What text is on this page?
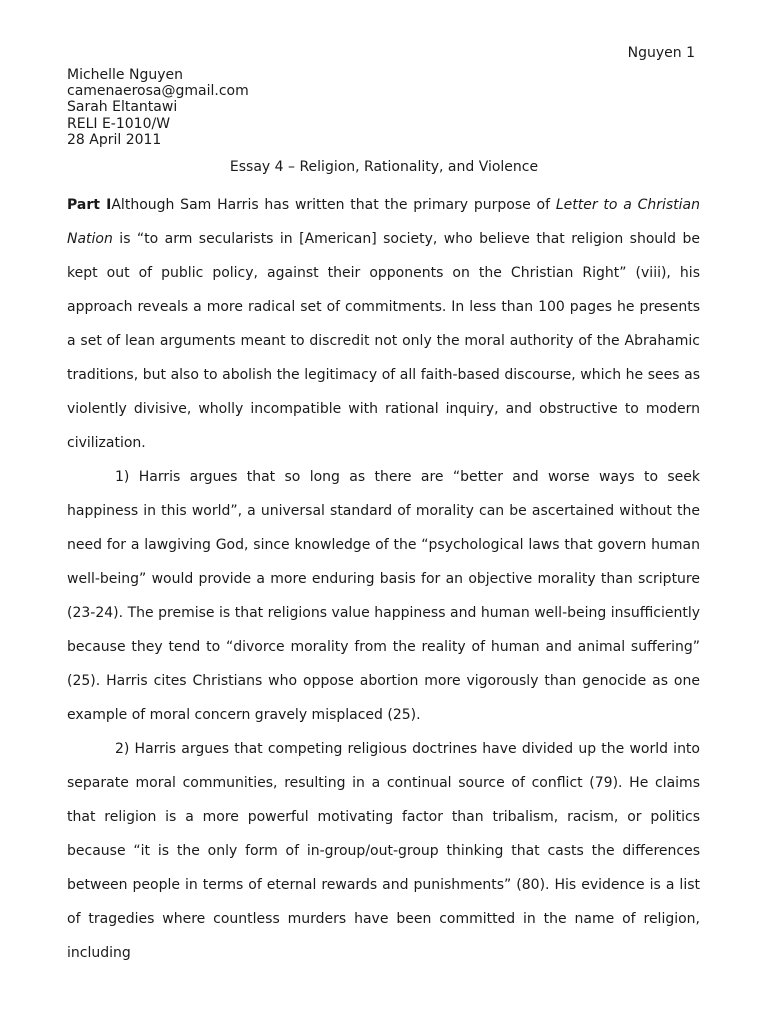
Nguyen 1
Michelle Nguyen
camenaerosa@gmail.com
Sarah Eltantawi
RELI E-1010/W
28 April 2011
Essay 4 – Religion, Rationality, and Violence

Part IAlthough Sam Harris has written that the primary purpose of Letter to a Christian Nation is “to arm secularists in [American] society, who believe that religion should be kept out of public policy, against their opponents on the Christian Right” (viii), his approach reveals a more radical set of commitments. In less than 100 pages he presents a set of lean arguments meant to discredit not only the moral authority of the Abrahamic traditions, but also to abolish the legitimacy of all faith-based discourse, which he sees as violently divisive, wholly incompatible with rational inquiry, and obstructive to modern civilization.

1) Harris argues that so long as there are “better and worse ways to seek happiness in this world”, a universal standard of morality can be ascertained without the need for a lawgiving God, since knowledge of the “psychological laws that govern human well-being” would provide a more enduring basis for an objective morality than scripture (23-24). The premise is that religions value happiness and human well-being insufficiently because they tend to “divorce morality from the reality of human and animal suffering” (25). Harris cites Christians who oppose abortion more vigorously than genocide as one example of moral concern gravely misplaced (25).

2) Harris argues that competing religious doctrines have divided up the world into separate moral communities, resulting in a continual source of conflict (79). He claims that religion is a more powerful motivating factor than tribalism, racism, or politics because “it is the only form of in-group/out-group thinking that casts the differences between people in terms of eternal rewards and punishments” (80). His evidence is a list of tragedies where countless murders have been committed in the name of religion, including
